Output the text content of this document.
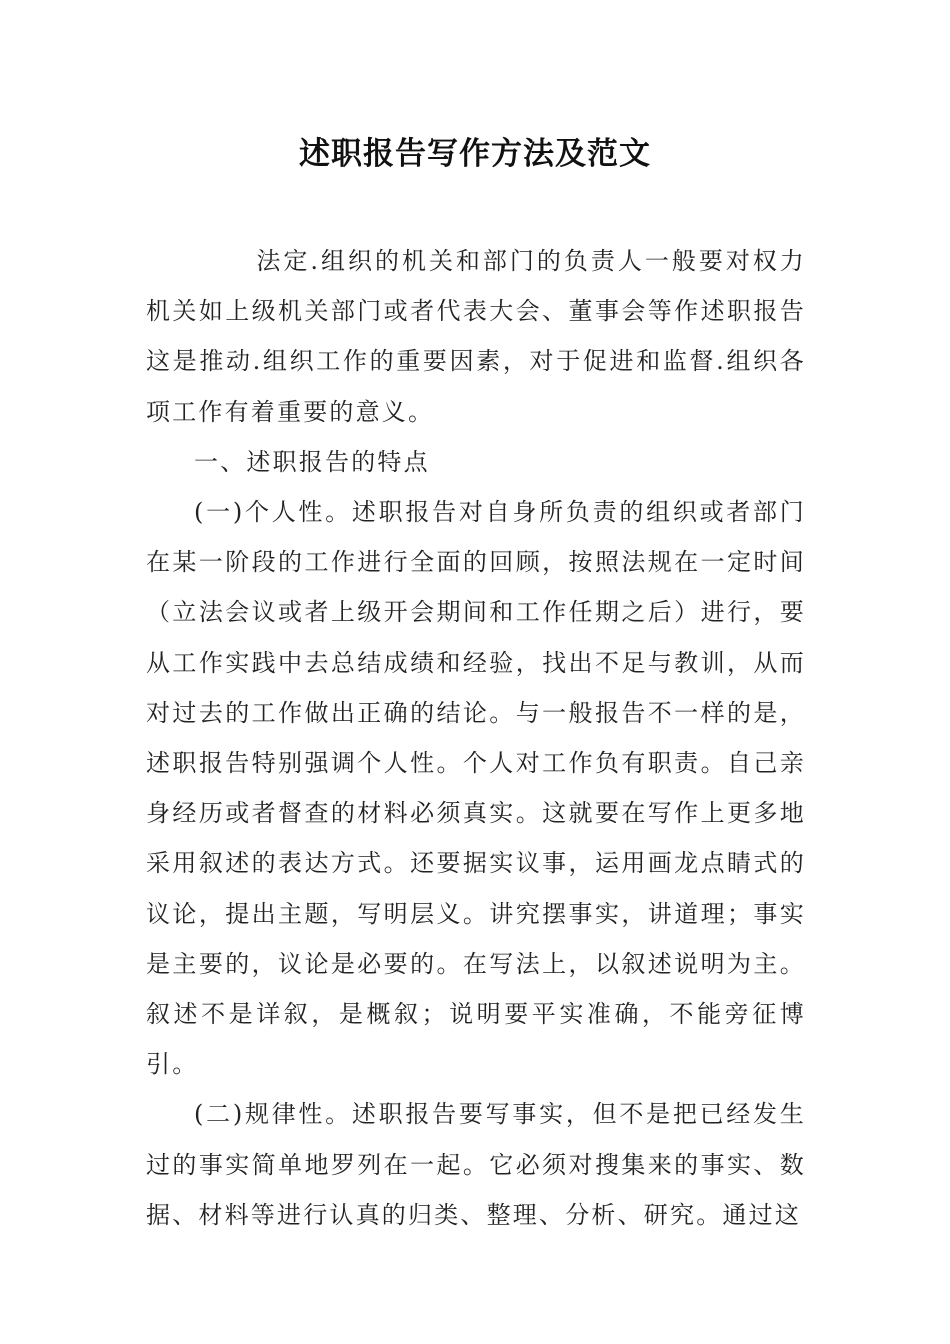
述职报告写作方法及范文

法定.组织的机关和部门的负责人一般要对权力机关如上级机关部门或者代表大会、董事会等作述职报告这是推动.组织工作的重要因素，对于促进和监督.组织各项工作有着重要的意义。

一、述职报告的特点

(一)个人性。述职报告对自身所负责的组织或者部门在某一阶段的工作进行全面的回顾，按照法规在一定时间（立法会议或者上级开会期间和工作任期之后）进行，要从工作实践中去总结成绩和经验，找出不足与教训，从而对过去的工作做出正确的结论。与一般报告不一样的是，述职报告特别强调个人性。个人对工作负有职责。自己亲身经历或者督查的材料必须真实。这就要在写作上更多地采用叙述的表达方式。还要据实议事，运用画龙点睛式的议论，提出主题，写明层义。讲究摆事实，讲道理；事实是主要的，议论是必要的。在写法上，以叙述说明为主。叙述不是详叙，是概叙；说明要平实准确，不能旁征博引。

(二)规律性。述职报告要写事实，但不是把已经发生过的事实简单地罗列在一起。它必须对搜集来的事实、数据、材料等进行认真的归类、整理、分析、研究。通过这
